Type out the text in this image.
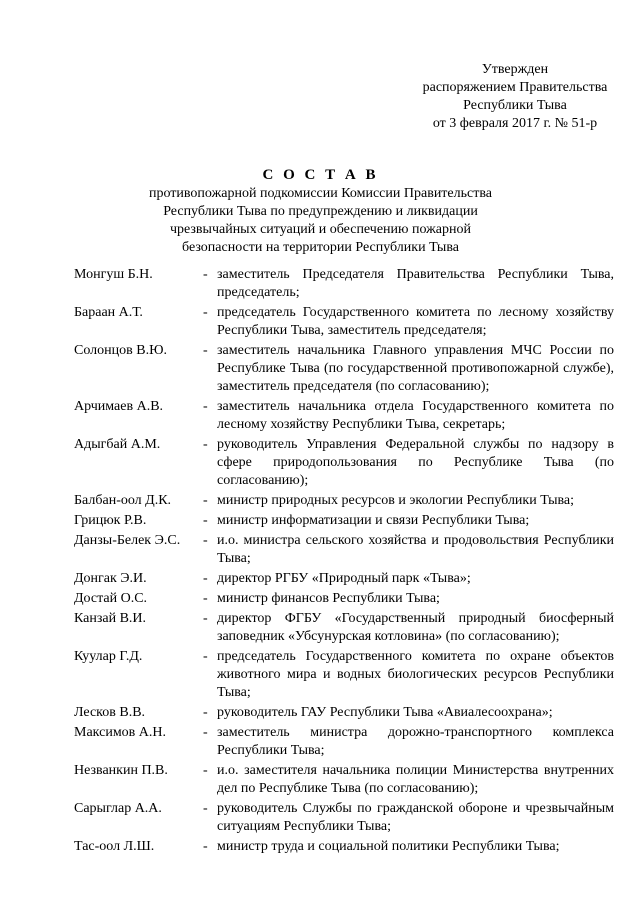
Утвержден
распоряжением Правительства
Республики Тыва
от 3 февраля 2017 г. № 51-р
С О С Т А В
противопожарной подкомиссии Комиссии Правительства
Республики Тыва по предупреждению и ликвидации
чрезвычайных ситуаций и обеспечению пожарной
безопасности на территории Республики Тыва
Монгуш Б.Н.	- заместитель Председателя Правительства Республики Тыва, председатель;
Бараан А.Т.	- председатель Государственного комитета по лесному хозяйству Республики Тыва, заместитель председателя;
Солонцов В.Ю.	- заместитель начальника Главного управления МЧС России по Республике Тыва (по государственной противопожарной службе), заместитель председателя (по согласованию);
Арчимаев А.В.	- заместитель начальника отдела Государственного комитета по лесному хозяйству Республики Тыва, секретарь;
Адыгбай А.М.	- руководитель Управления Федеральной службы по надзору в сфере природопользования по Республике Тыва (по согласованию);
Балбан-оол Д.К.	- министр природных ресурсов и экологии Республики Тыва;
Грицюк Р.В.	- министр информатизации и связи Республики Тыва;
Данзы-Белек Э.С.	- и.о. министра сельского хозяйства и продовольствия Республики Тыва;
Донгак Э.И.	- директор РГБУ «Природный парк «Тыва»;
Достай О.С.	- министр финансов Республики Тыва;
Канзай В.И.	- директор ФГБУ «Государственный природный биосферный заповедник «Убсунурская котловина» (по согласованию);
Куулар Г.Д.	- председатель Государственного комитета по охране объектов животного мира и водных биологических ресурсов Республики Тыва;
Лесков В.В.	- руководитель ГАУ Республики Тыва «Авиалесоохрана»;
Максимов А.Н.	- заместитель министра дорожно-транспортного комплекса Республики Тыва;
Незванкин П.В.	- и.о. заместителя начальника полиции Министерства внутренних дел по Республике Тыва (по согласованию);
Сарыглар А.А.	- руководитель Службы по гражданской обороне и чрезвычайным ситуациям Республики Тыва;
Тас-оол Л.Ш.	- министр труда и социальной политики Республики Тыва;
